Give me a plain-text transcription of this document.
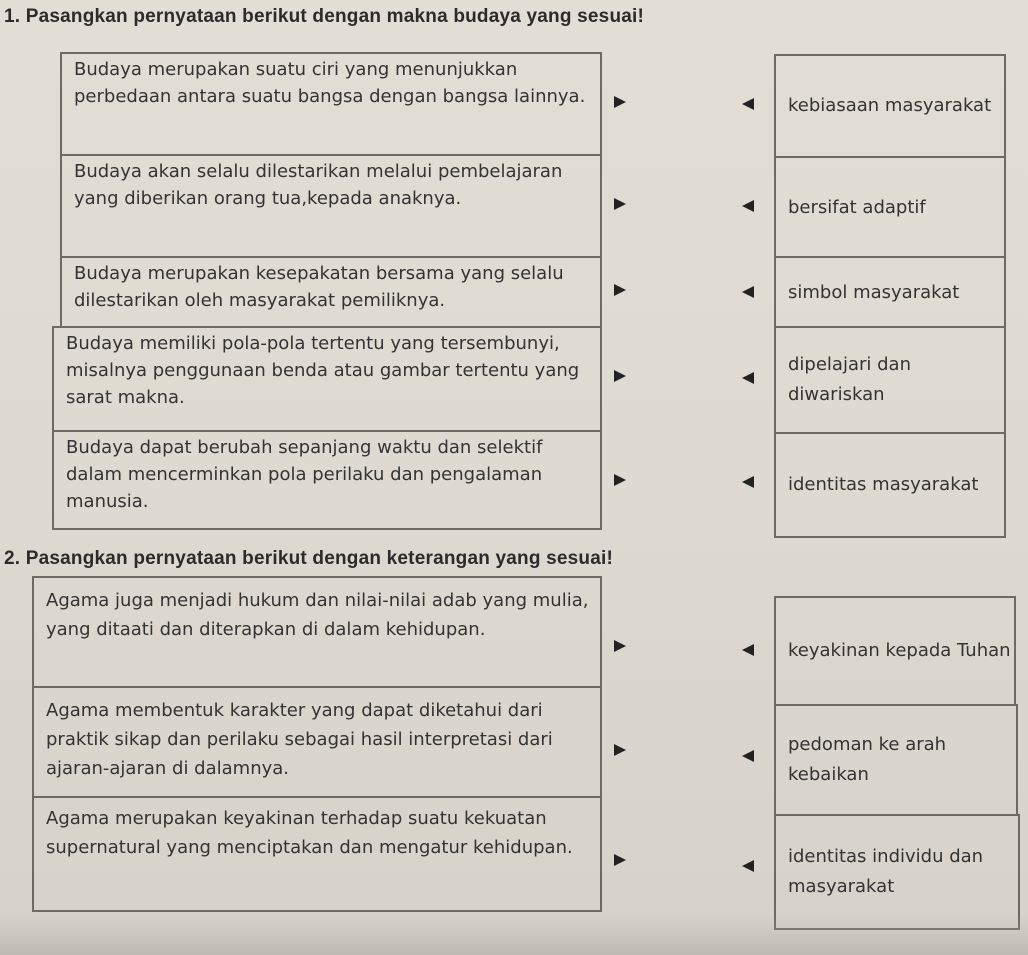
1. Pasangkan pernyataan berikut dengan makna budaya yang sesuai!
Budaya merupakan suatu ciri yang menunjukkan perbedaan antara suatu bangsa dengan bangsa lainnya.
Budaya akan selalu dilestarikan melalui pembelajaran yang diberikan orang tua,kepada anaknya.
Budaya merupakan kesepakatan bersama yang selalu dilestarikan oleh masyarakat pemiliknya.
Budaya memiliki pola-pola tertentu yang tersembunyi, misalnya penggunaan benda atau gambar tertentu yang sarat makna.
Budaya dapat berubah sepanjang waktu dan selektif dalam mencerminkan pola perilaku dan pengalaman manusia.
kebiasaan masyarakat
bersifat adaptif
simbol masyarakat
dipelajari dan diwariskan
identitas masyarakat
2. Pasangkan pernyataan berikut dengan keterangan yang sesuai!
Agama juga menjadi hukum dan nilai-nilai adab yang mulia, yang ditaati dan diterapkan di dalam kehidupan.
Agama membentuk karakter yang dapat diketahui dari praktik sikap dan perilaku sebagai hasil interpretasi dari ajaran-ajaran di dalamnya.
Agama merupakan keyakinan terhadap suatu kekuatan supernatural yang menciptakan dan mengatur kehidupan.
keyakinan kepada Tuhan
pedoman ke arah kebaikan
identitas individu dan masyarakat
